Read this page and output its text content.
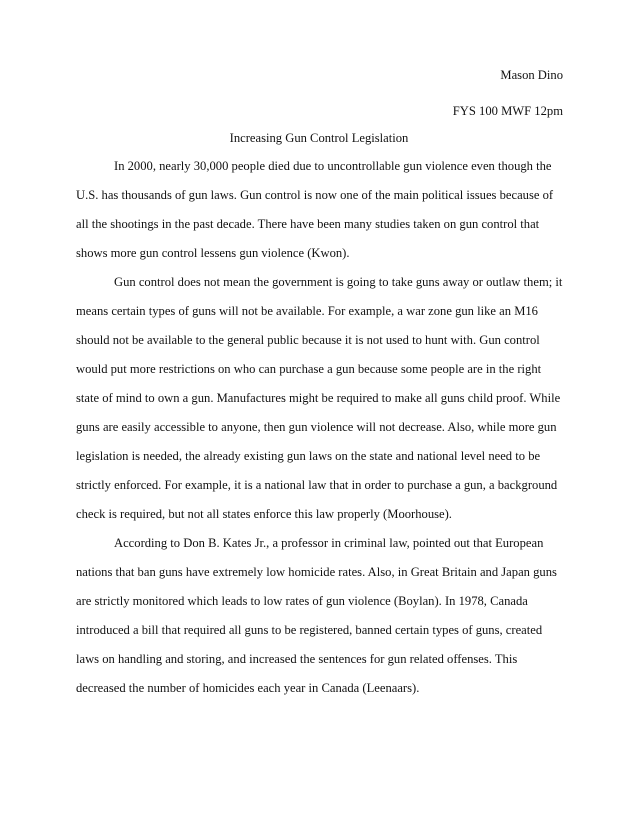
Mason Dino
FYS 100 MWF 12pm
Increasing Gun Control Legislation
In 2000, nearly 30,000 people died due to uncontrollable gun violence even though the
U.S. has thousands of gun laws. Gun control is now one of the main political issues because of
all the shootings in the past decade. There have been many studies taken on gun control that
shows more gun control lessens gun violence (Kwon).
Gun control does not mean the government is going to take guns away or outlaw them; it
means certain types of guns will not be available. For example, a war zone gun like an M16
should not be available to the general public because it is not used to hunt with. Gun control
would put more restrictions on who can purchase a gun because some people are in the right
state of mind to own a gun. Manufactures might be required to make all guns child proof. While
guns are easily accessible to anyone, then gun violence will not decrease. Also, while more gun
legislation is needed, the already existing gun laws on the state and national level need to be
strictly enforced. For example, it is a national law that in order to purchase a gun, a background
check is required, but not all states enforce this law properly (Moorhouse).
According to Don B. Kates Jr., a professor in criminal law, pointed out that European
nations that ban guns have extremely low homicide rates. Also, in Great Britain and Japan guns
are strictly monitored which leads to low rates of gun violence (Boylan). In 1978, Canada
introduced a bill that required all guns to be registered, banned certain types of guns, created
laws on handling and storing, and increased the sentences for gun related offenses. This
decreased the number of homicides each year in Canada (Leenaars).
